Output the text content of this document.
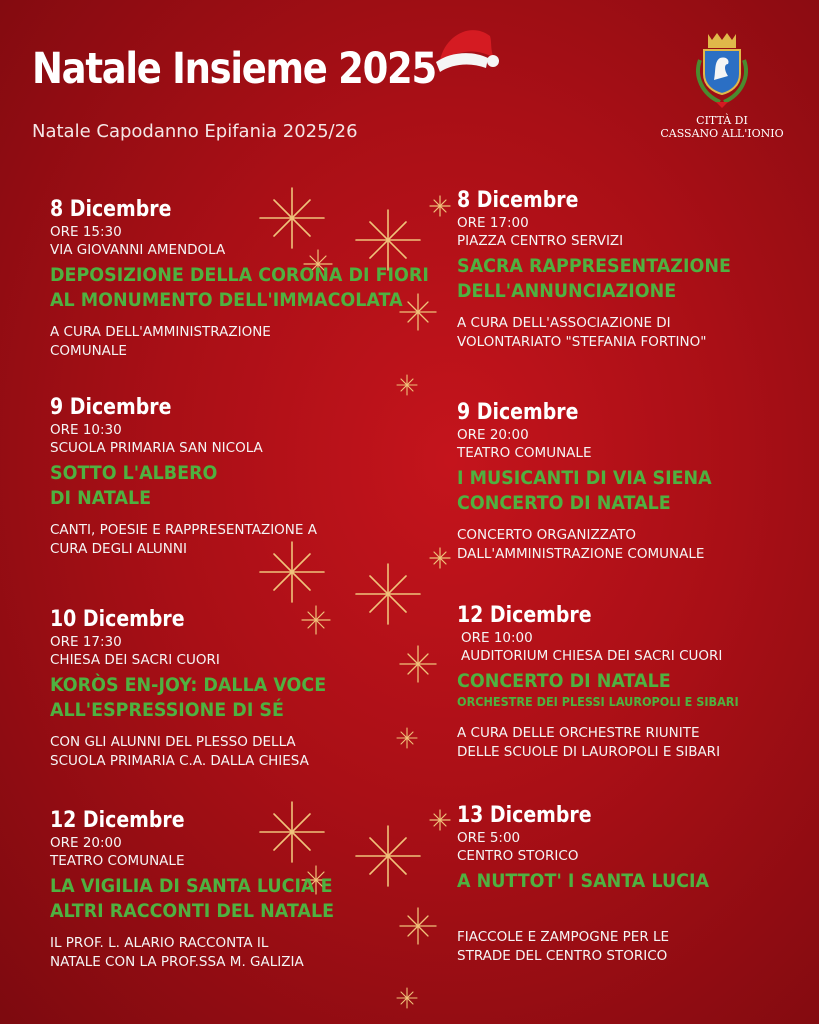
Natale Insieme 2025
Natale Capodanno Epifania 2025/26
CITTÀ DI
CASSANO ALL'IONIO
8 Dicembre
ORE 15:30
VIA GIOVANNI AMENDOLA
DEPOSIZIONE DELLA CORONA DI FIORI
AL MONUMENTO DELL'IMMACOLATA
A CURA DELL'AMMINISTRAZIONE
COMUNALE
9 Dicembre
ORE 10:30
SCUOLA PRIMARIA SAN NICOLA
SOTTO L'ALBERO
DI NATALE
CANTI, POESIE E RAPPRESENTAZIONE A
CURA DEGLI ALUNNI
10 Dicembre
ORE 17:30
CHIESA DEI SACRI CUORI
KORÒS EN-JOY: DALLA VOCE
ALL'ESPRESSIONE DI SÉ
CON GLI ALUNNI DEL PLESSO DELLA
SCUOLA PRIMARIA C.A. DALLA CHIESA
12 Dicembre
ORE 20:00
TEATRO COMUNALE
LA VIGILIA DI SANTA LUCIA E
ALTRI RACCONTI DEL NATALE
IL PROF. L. ALARIO RACCONTA IL
NATALE CON LA PROF.SSA M. GALIZIA
8 Dicembre
ORE 17:00
PIAZZA CENTRO SERVIZI
SACRA RAPPRESENTAZIONE
DELL'ANNUNCIAZIONE
A CURA DELL'ASSOCIAZIONE DI
VOLONTARIATO "STEFANIA FORTINO"
9 Dicembre
ORE 20:00
TEATRO COMUNALE
I MUSICANTI DI VIA SIENA
CONCERTO DI NATALE
CONCERTO ORGANIZZATO
DALL'AMMINISTRAZIONE COMUNALE
12 Dicembre
ORE 10:00
AUDITORIUM CHIESA DEI SACRI CUORI
CONCERTO DI NATALE
ORCHESTRE DEI PLESSI LAUROPOLI E SIBARI
A CURA DELLE ORCHESTRE RIUNITE
DELLE SCUOLE DI LAUROPOLI E SIBARI
13 Dicembre
ORE 5:00
CENTRO STORICO
A NUTTOT' I SANTA LUCIA
FIACCOLE E ZAMPOGNE PER LE
STRADE DEL CENTRO STORICO
